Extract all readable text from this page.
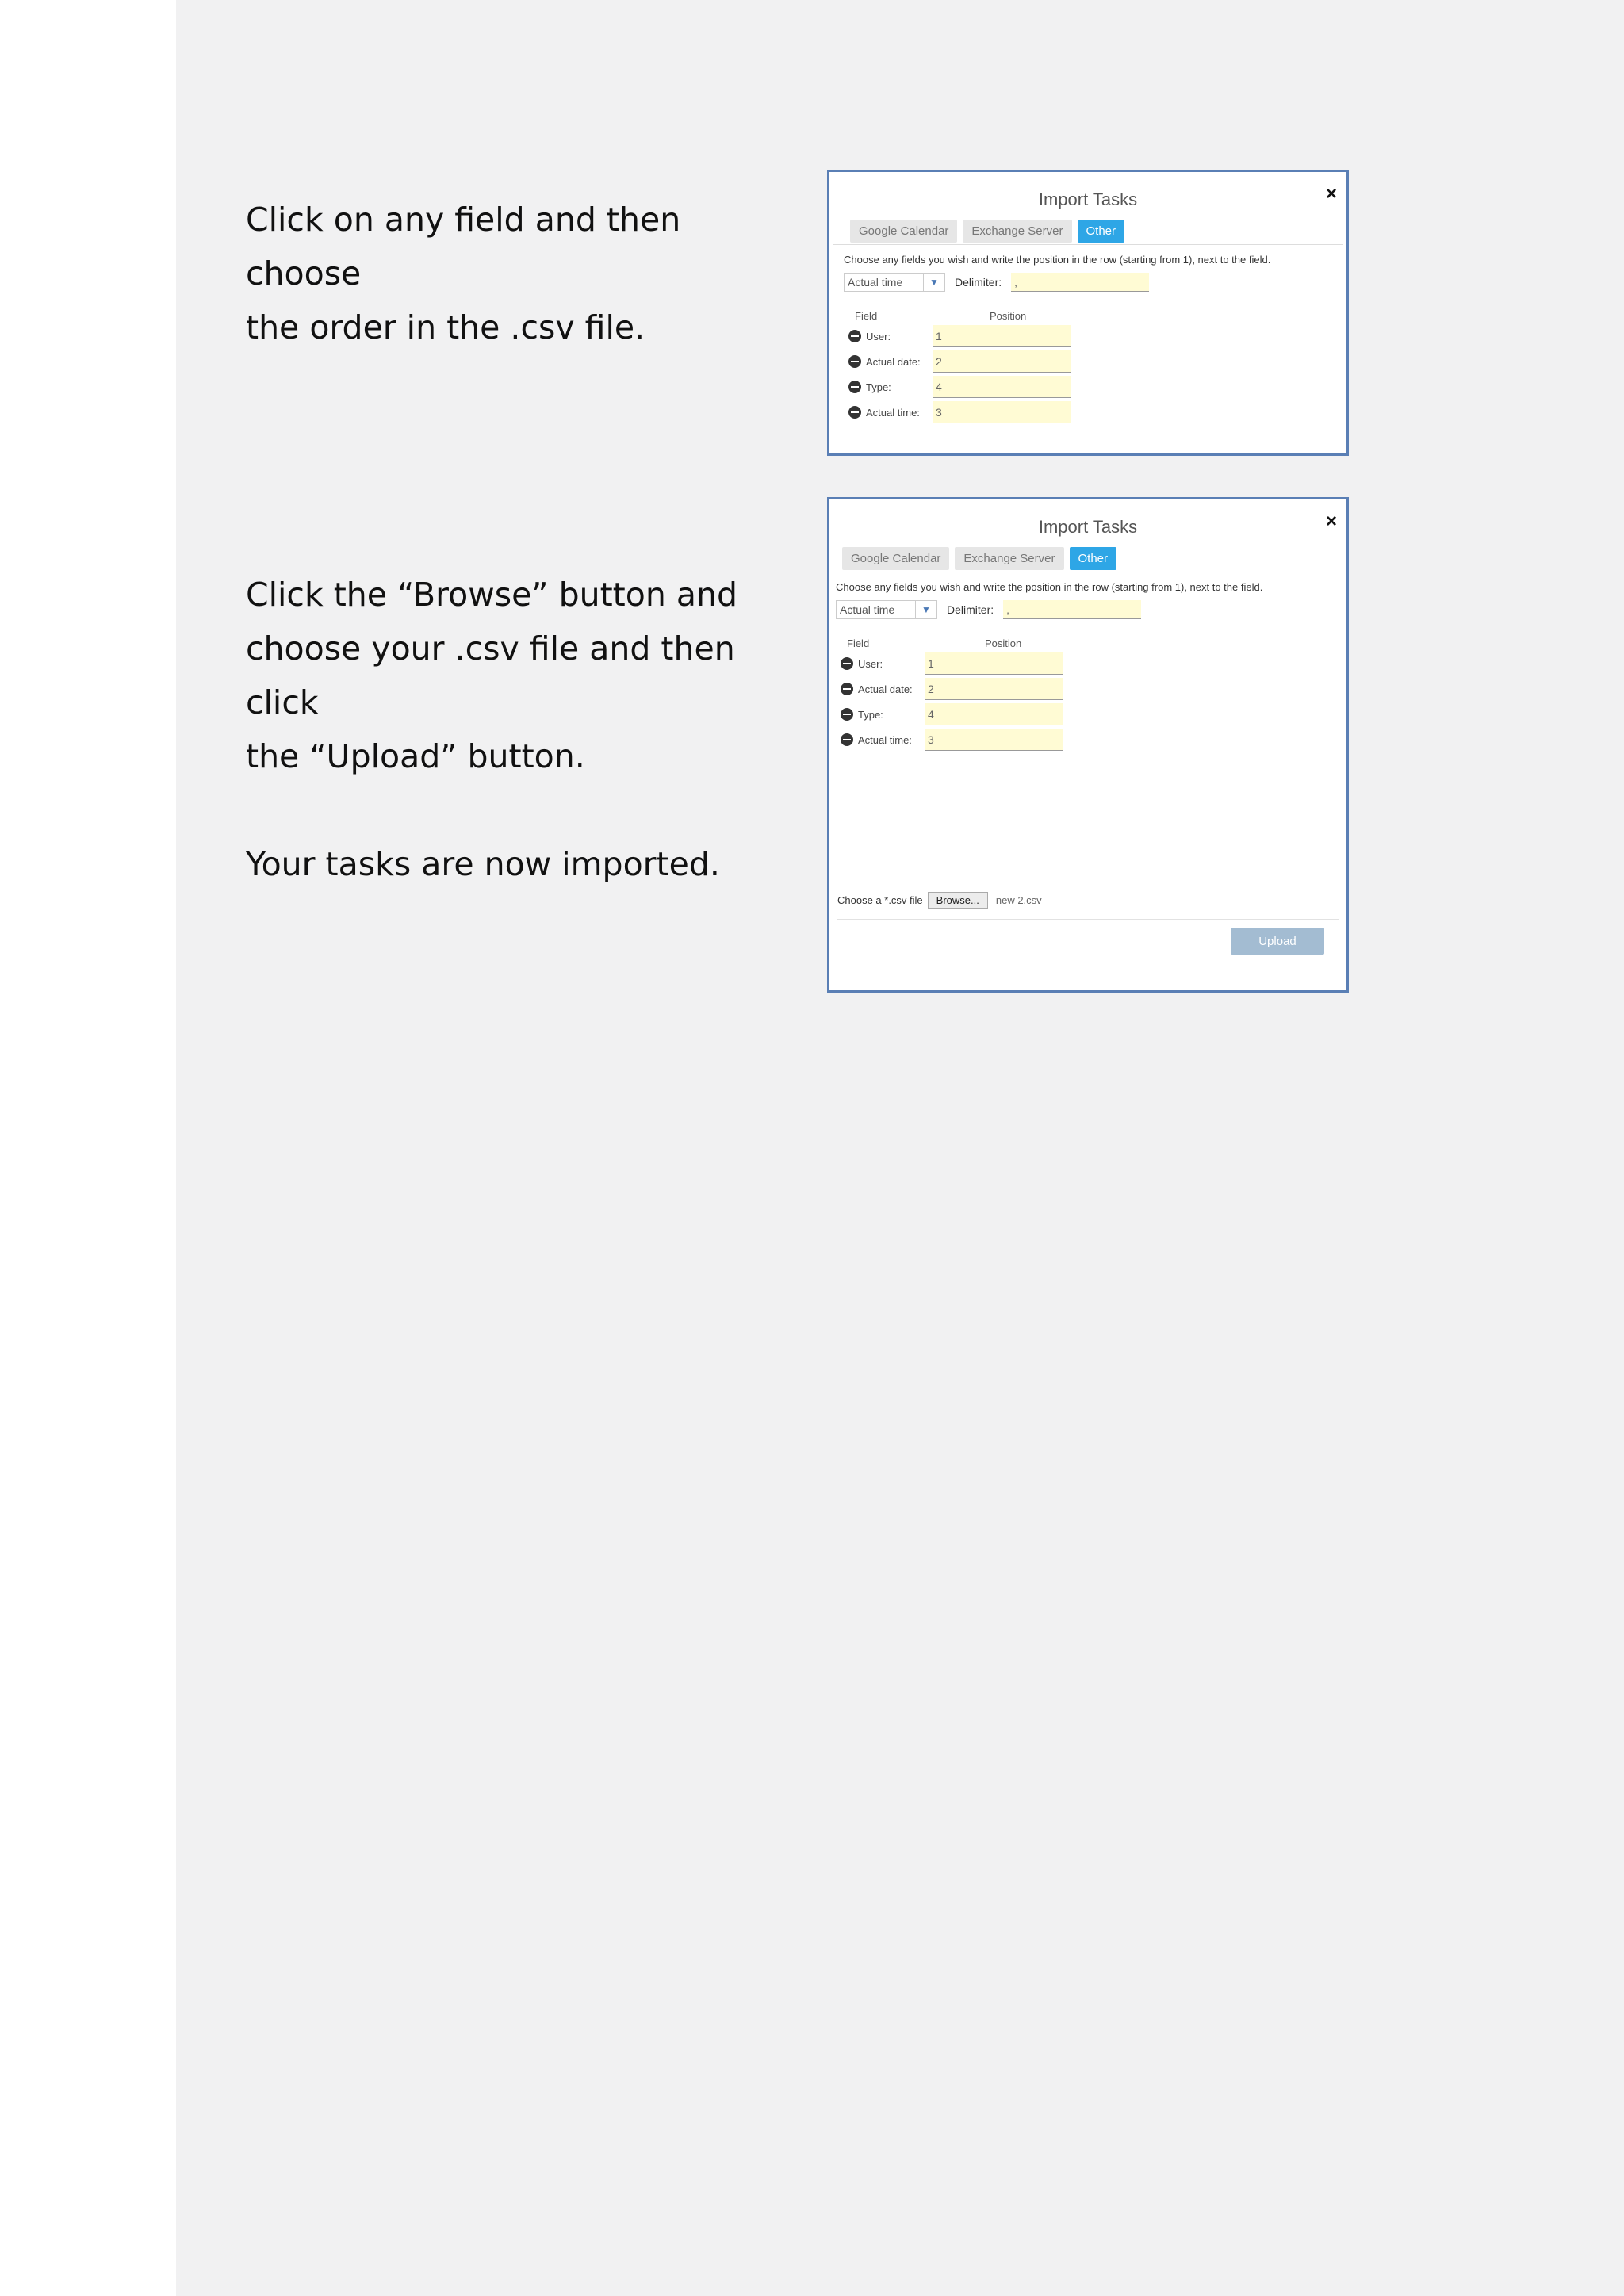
Click on any field and then choose

the order in the .csv file.

Click the “Browse” button and

choose your .csv file and then click

the “Upload” button.

Your tasks are now imported.

Import Tasks	×
Google Calendar	Exchange Server	Other
Choose any fields you wish and write the position in the row (starting from 1), next to the field.
Actual time	▼	Delimiter: ,
Field	Position
User:	1
Actual date:	2
Type:	4
Actual time:	3
Import Tasks	×
Google Calendar	Exchange Server	Other
Choose any fields you wish and write the position in the row (starting from 1), next to the field.
Actual time	▼	Delimiter: ,
Field	Position
User:	1
Actual date:	2
Type:	4
Actual time:	3
Choose a *.csv file	Browse...	new 2.csv
Upload
